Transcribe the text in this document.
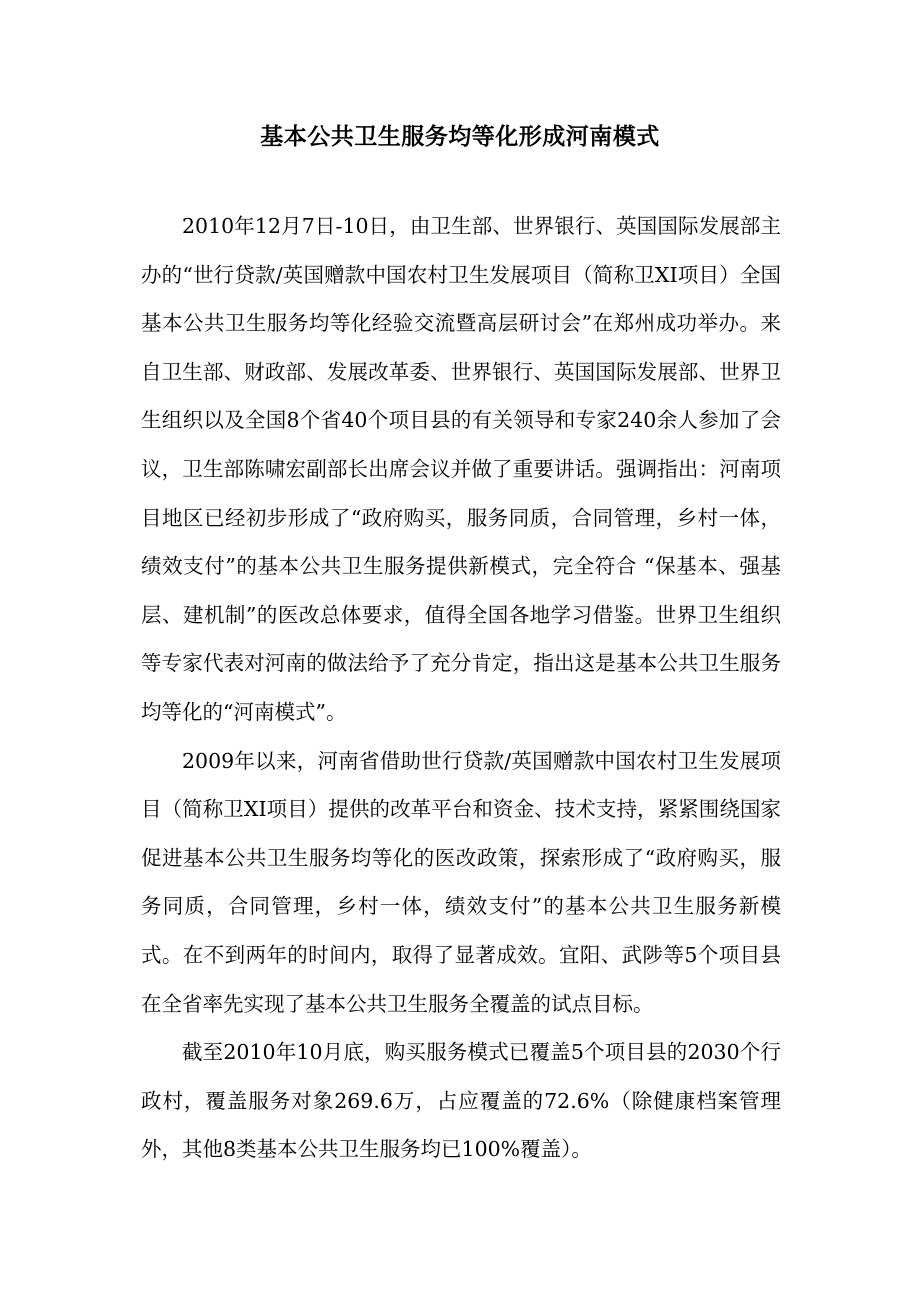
基本公共卫生服务均等化形成河南模式

2010年12月7日-10日，由卫生部、世界银行、英国国际发展部主办的“世行贷款/英国赠款中国农村卫生发展项目（简称卫XI项目）全国基本公共卫生服务均等化经验交流暨高层研讨会”在郑州成功举办。来自卫生部、财政部、发展改革委、世界银行、英国国际发展部、世界卫生组织以及全国8个省40个项目县的有关领导和专家240余人参加了会议，卫生部陈啸宏副部长出席会议并做了重要讲话。强调指出：河南项目地区已经初步形成了“政府购买，服务同质，合同管理，乡村一体，绩效支付”的基本公共卫生服务提供新模式，完全符合 “保基本、强基层、建机制”的医改总体要求，值得全国各地学习借鉴。世界卫生组织等专家代表对河南的做法给予了充分肯定，指出这是基本公共卫生服务均等化的“河南模式”。

2009年以来，河南省借助世行贷款/英国赠款中国农村卫生发展项目（简称卫XI项目）提供的改革平台和资金、技术支持，紧紧围绕国家促进基本公共卫生服务均等化的医改政策，探索形成了“政府购买，服务同质，合同管理，乡村一体，绩效支付”的基本公共卫生服务新模式。在不到两年的时间内，取得了显著成效。宜阳、武陟等5个项目县在全省率先实现了基本公共卫生服务全覆盖的试点目标。

截至2010年10月底，购买服务模式已覆盖5个项目县的2030个行政村，覆盖服务对象269.6万，占应覆盖的72.6%（除健康档案管理外，其他8类基本公共卫生服务均已100%覆盖）。
